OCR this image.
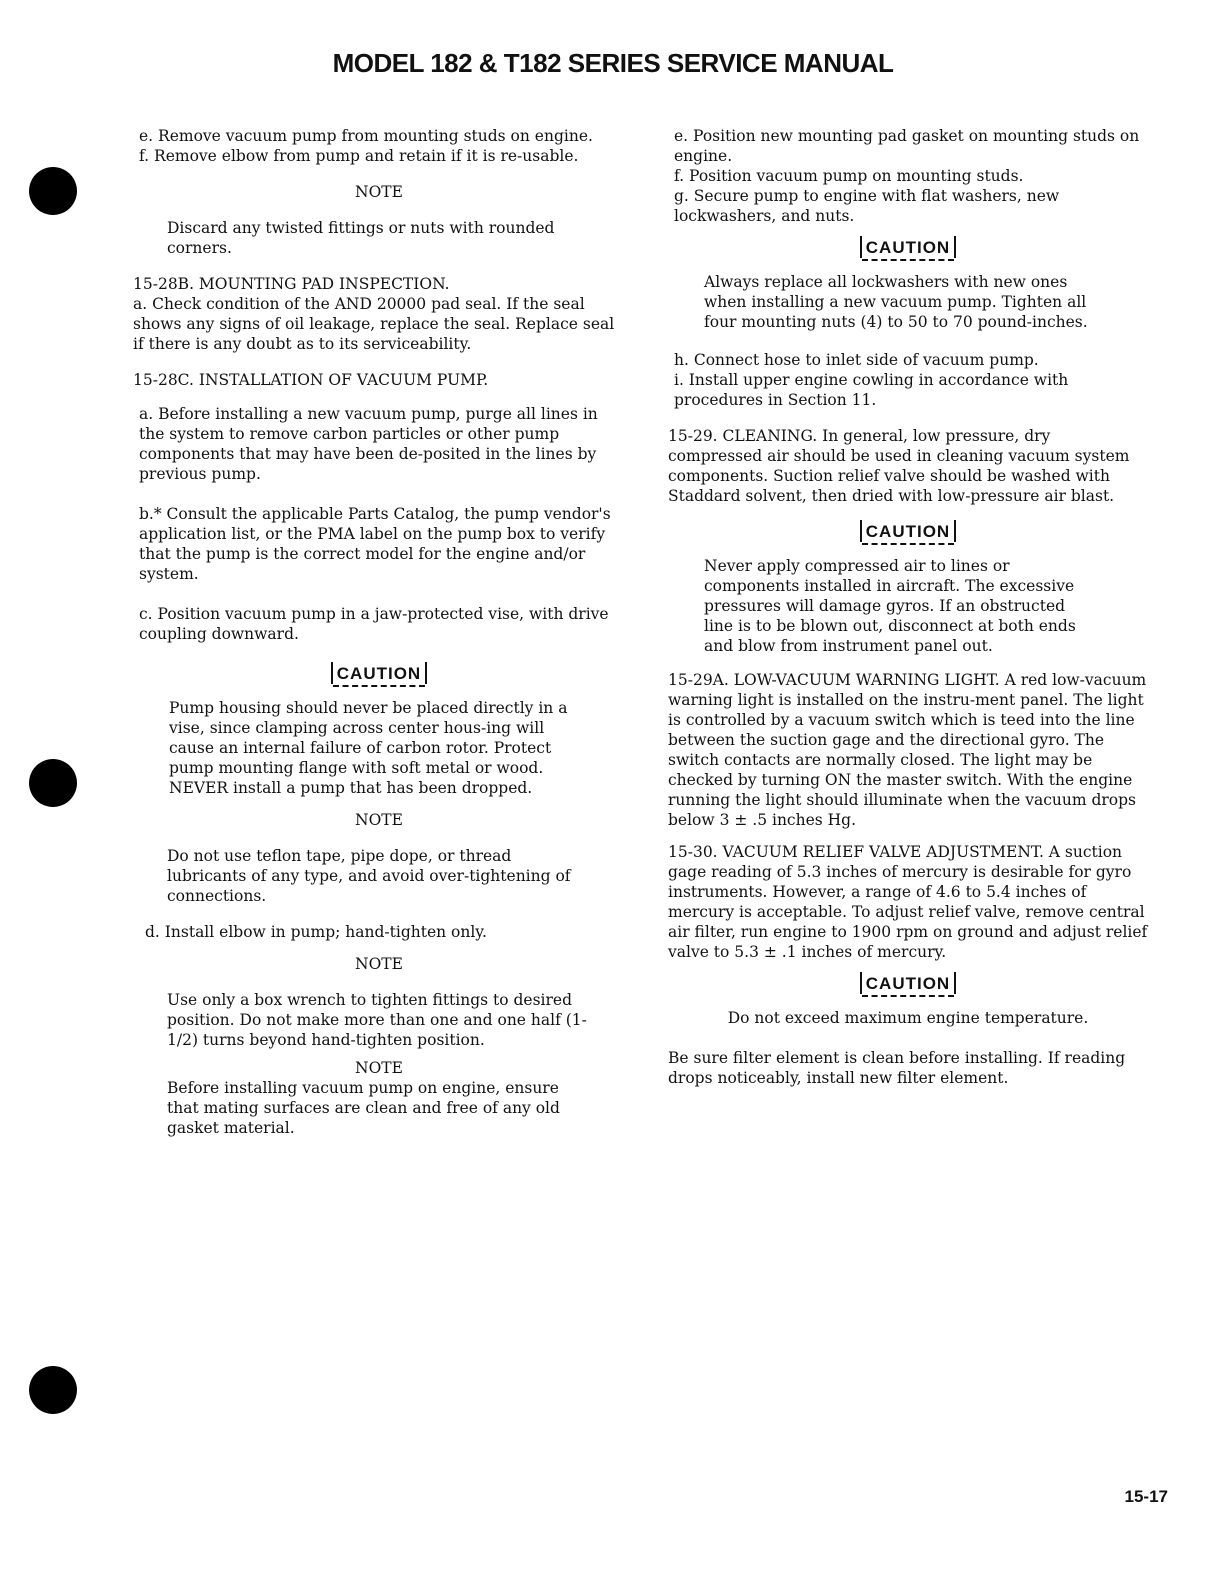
MODEL 182 & T182 SERIES SERVICE MANUAL

e. Remove vacuum pump from mounting studs on engine.

f. Remove elbow from pump and retain if it is re-usable.

NOTE

Discard any twisted fittings or nuts with rounded corners.

15-28B. MOUNTING PAD INSPECTION.
a. Check condition of the AND 20000 pad seal. If the seal shows any signs of oil leakage, replace the seal. Replace seal if there is any doubt as to its serviceability.

15-28C. INSTALLATION OF VACUUM PUMP.

a. Before installing a new vacuum pump, purge all lines in the system to remove carbon particles or other pump components that may have been de-posited in the lines by previous pump.

b.* Consult the applicable Parts Catalog, the pump vendor's application list, or the PMA label on the pump box to verify that the pump is the correct model for the engine and/or system.

c. Position vacuum pump in a jaw-protected vise, with drive coupling downward.

CAUTION

Pump housing should never be placed directly in a vise, since clamping across center hous-ing will cause an internal failure of carbon rotor. Protect pump mounting flange with soft metal or wood. NEVER install a pump that has been dropped.

NOTE

Do not use teflon tape, pipe dope, or thread lubricants of any type, and avoid over-tightening of connections.

d. Install elbow in pump; hand-tighten only.

NOTE

Use only a box wrench to tighten fittings to desired position. Do not make more than one and one half (1-1/2) turns beyond hand-tighten position.

NOTE

Before installing vacuum pump on engine, ensure that mating surfaces are clean and free of any old gasket material.

e. Position new mounting pad gasket on mounting studs on engine.

f. Position vacuum pump on mounting studs.

g. Secure pump to engine with flat washers, new lockwashers, and nuts.

CAUTION

Always replace all lockwashers with new ones when installing a new vacuum pump. Tighten all four mounting nuts (4) to 50 to 70 pound-inches.

h. Connect hose to inlet side of vacuum pump.

i. Install upper engine cowling in accordance with procedures in Section 11.

15-29. CLEANING. In general, low pressure, dry compressed air should be used in cleaning vacuum system components. Suction relief valve should be washed with Staddard solvent, then dried with low-pressure air blast.

CAUTION

Never apply compressed air to lines or components installed in aircraft. The excessive pressures will damage gyros. If an obstructed line is to be blown out, disconnect at both ends and blow from instrument panel out.

15-29A. LOW-VACUUM WARNING LIGHT. A red low-vacuum warning light is installed on the instru-ment panel. The light is controlled by a vacuum switch which is teed into the line between the suction gage and the directional gyro. The switch contacts are normally closed. The light may be checked by turning ON the master switch. With the engine running the light should illuminate when the vacuum drops below 3 ± .5 inches Hg.

15-30. VACUUM RELIEF VALVE ADJUSTMENT. A suction gage reading of 5.3 inches of mercury is desirable for gyro instruments. However, a range of 4.6 to 5.4 inches of mercury is acceptable. To adjust relief valve, remove central air filter, run engine to 1900 rpm on ground and adjust relief valve to 5.3 ± .1 inches of mercury.

CAUTION

Do not exceed maximum engine temperature.

Be sure filter element is clean before installing. If reading drops noticeably, install new filter element.

15-17
